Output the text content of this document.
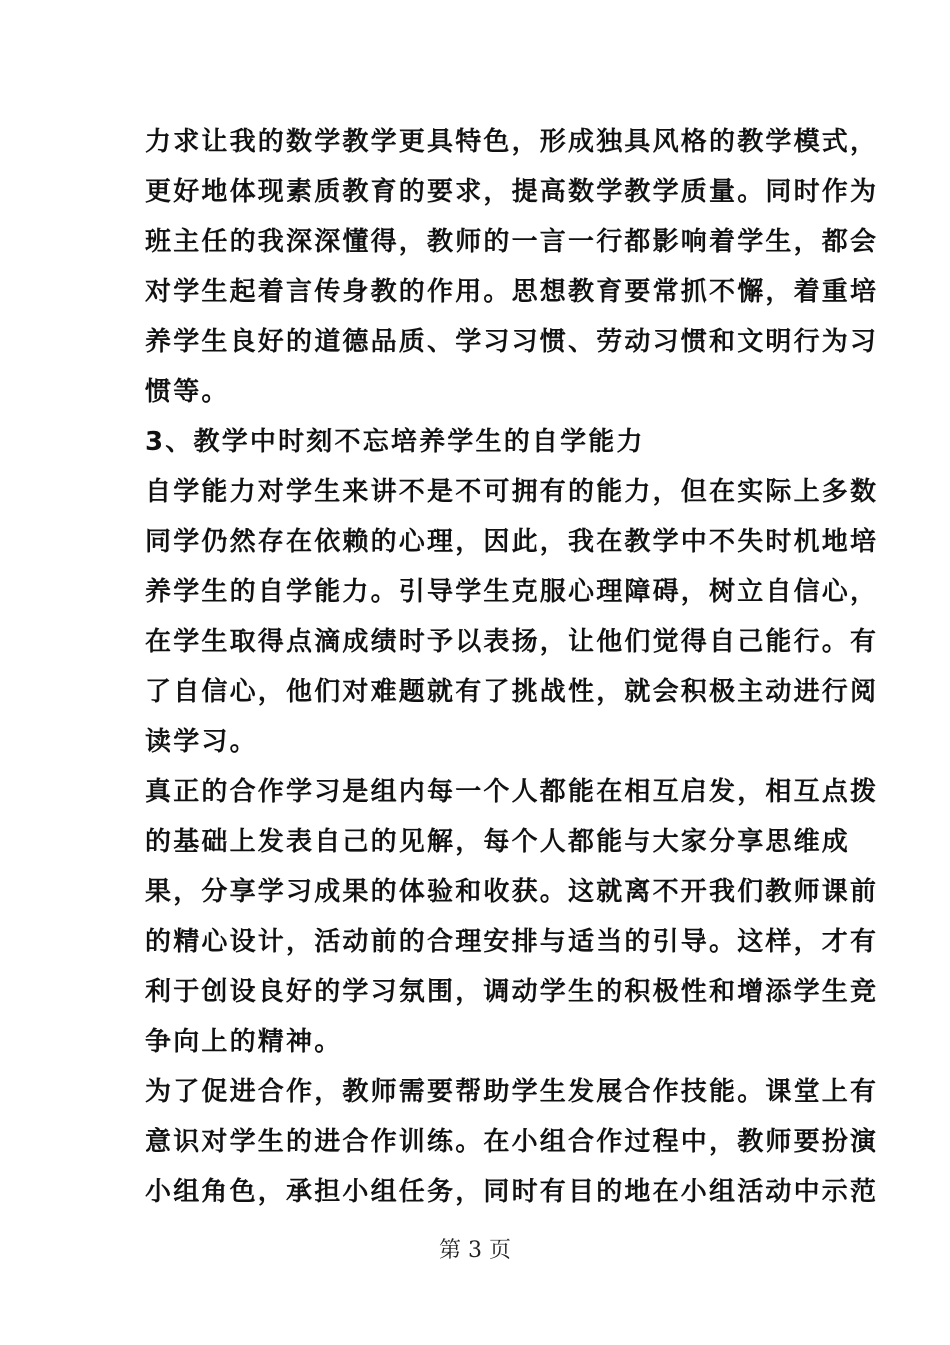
力求让我的数学教学更具特色，形成独具风格的教学模式，
更好地体现素质教育的要求，提高数学教学质量。同时作为
班主任的我深深懂得，教师的一言一行都影响着学生，都会
对学生起着言传身教的作用。思想教育要常抓不懈，着重培
养学生良好的道德品质、学习习惯、劳动习惯和文明行为习
惯等。
3、教学中时刻不忘培养学生的自学能力
自学能力对学生来讲不是不可拥有的能力，但在实际上多数
同学仍然存在依赖的心理，因此，我在教学中不失时机地培
养学生的自学能力。引导学生克服心理障碍，树立自信心，
在学生取得点滴成绩时予以表扬，让他们觉得自己能行。有
了自信心，他们对难题就有了挑战性，就会积极主动进行阅
读学习。
真正的合作学习是组内每一个人都能在相互启发，相互点拨
的基础上发表自己的见解，每个人都能与大家分享思维成
果，分享学习成果的体验和收获。这就离不开我们教师课前
的精心设计，活动前的合理安排与适当的引导。这样，才有
利于创设良好的学习氛围，调动学生的积极性和增添学生竞
争向上的精神。
为了促进合作，教师需要帮助学生发展合作技能。课堂上有
意识对学生的进合作训练。在小组合作过程中，教师要扮演
小组角色，承担小组任务，同时有目的地在小组活动中示范
第 3 页
